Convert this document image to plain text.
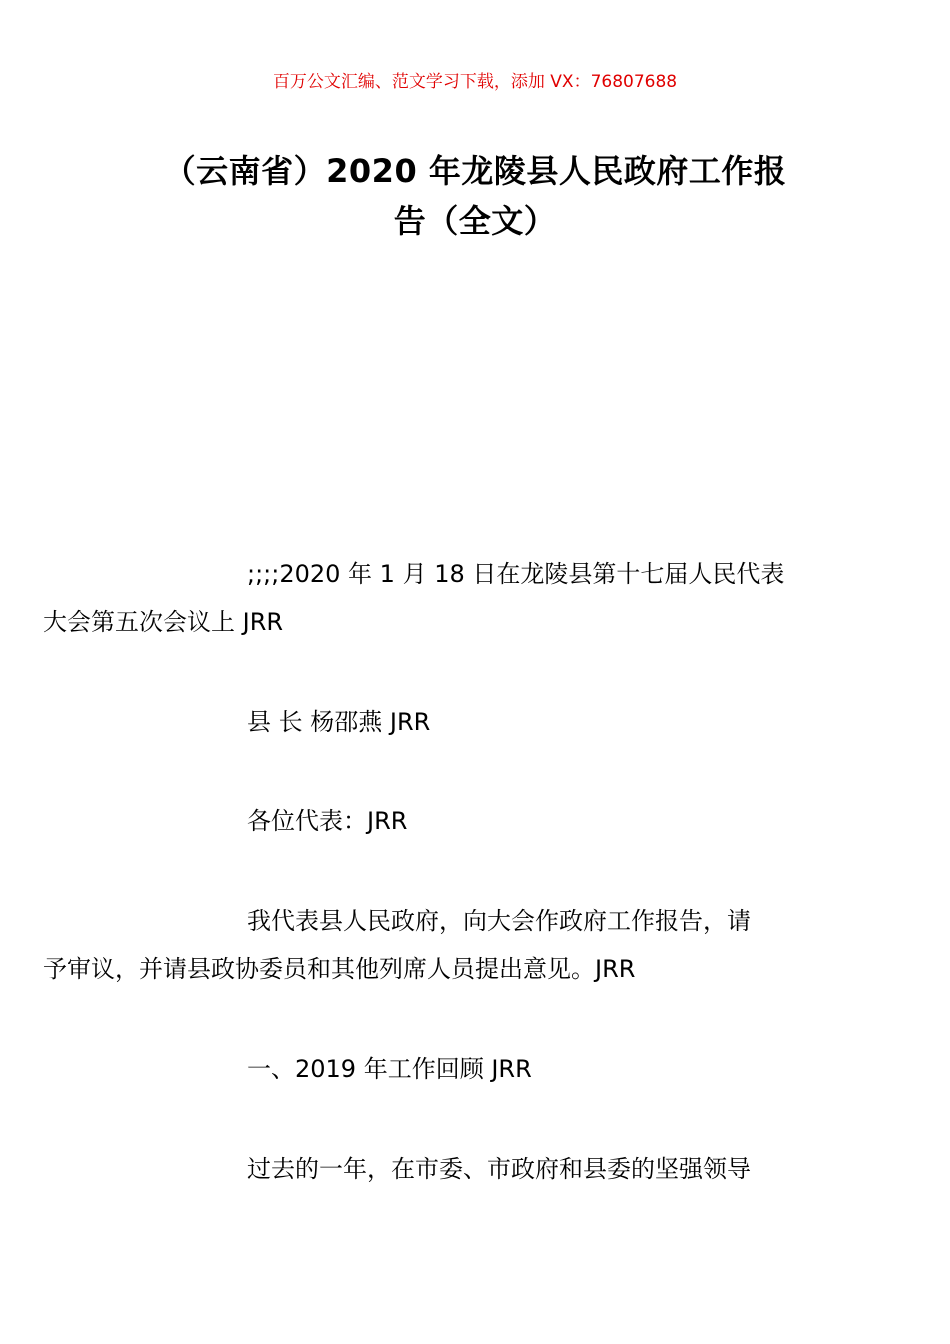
百万公文汇编、范文学习下载，添加 VX：76807688
（云南省）2020 年龙陵县人民政府工作报
告（全文）
;;;;2020 年 1 月 18 日在龙陵县第十七届人民代表
大会第五次会议上 JRR
县 长 杨邵燕 JRR
各位代表：JRR
我代表县人民政府，向大会作政府工作报告，请
予审议，并请县政协委员和其他列席人员提出意见。JRR
一、2019 年工作回顾 JRR
过去的一年，在市委、市政府和县委的坚强领导
